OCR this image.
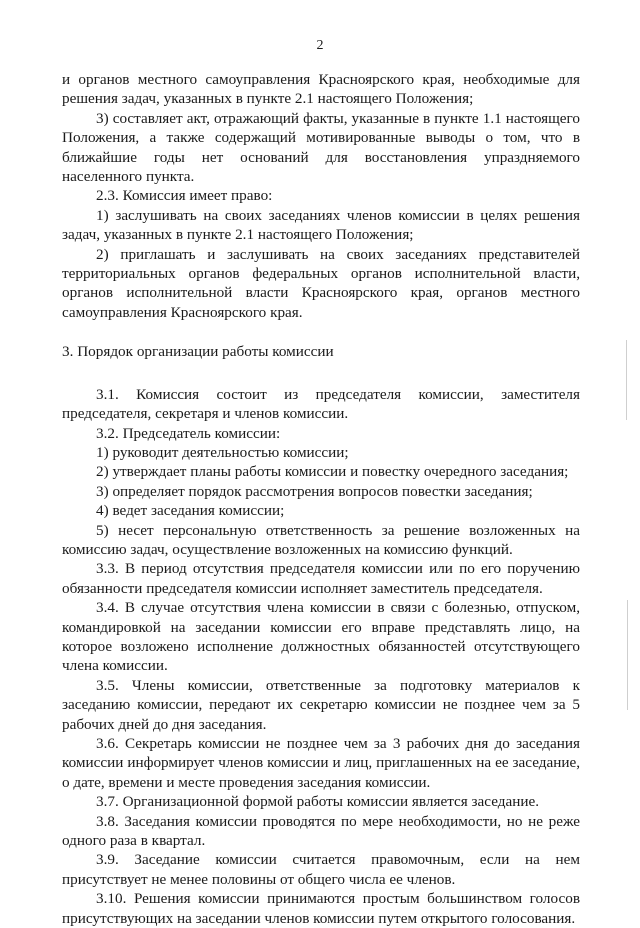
2

и органов местного самоуправления Красноярского края, необходимые для решения задач, указанных в пункте 2.1 настоящего Положения;

3) составляет акт, отражающий факты, указанные в пункте 1.1 настоящего Положения, а также содержащий мотивированные выводы о том, что в ближайшие годы нет оснований для восстановления упраздняемого населенного пункта.

2.3. Комиссия имеет право:

1) заслушивать на своих заседаниях членов комиссии в целях решения задач, указанных в пункте 2.1 настоящего Положения;

2) приглашать и заслушивать на своих заседаниях представителей территориальных органов федеральных органов исполнительной власти, органов исполнительной власти Красноярского края, органов местного самоуправления Красноярского края.

3. Порядок организации работы комиссии

3.1. Комиссия состоит из председателя комиссии, заместителя председателя, секретаря и членов комиссии.

3.2. Председатель комиссии:

1) руководит деятельностью комиссии;

2) утверждает планы работы комиссии и повестку очередного заседания;

3) определяет порядок рассмотрения вопросов повестки заседания;

4) ведет заседания комиссии;

5) несет персональную ответственность за решение возложенных на комиссию задач, осуществление возложенных на комиссию функций.

3.3. В период отсутствия председателя комиссии или по его поручению обязанности председателя комиссии исполняет заместитель председателя.

3.4. В случае отсутствия члена комиссии в связи с болезнью, отпуском, командировкой на заседании комиссии его вправе представлять лицо, на которое возложено исполнение должностных обязанностей отсутствующего члена комиссии.

3.5. Члены комиссии, ответственные за подготовку материалов к заседанию комиссии, передают их секретарю комиссии не позднее чем за 5 рабочих дней до дня заседания.

3.6. Секретарь комиссии не позднее чем за 3 рабочих дня до заседания комиссии информирует членов комиссии и лиц, приглашенных на ее заседание, о дате, времени и месте проведения заседания комиссии.

3.7. Организационной формой работы комиссии является заседание.

3.8. Заседания комиссии проводятся по мере необходимости, но не реже одного раза в квартал.

3.9. Заседание комиссии считается правомочным, если на нем присутствует не менее половины от общего числа ее членов.

3.10. Решения комиссии принимаются простым большинством голосов присутствующих на заседании членов комиссии путем открытого голосования.
